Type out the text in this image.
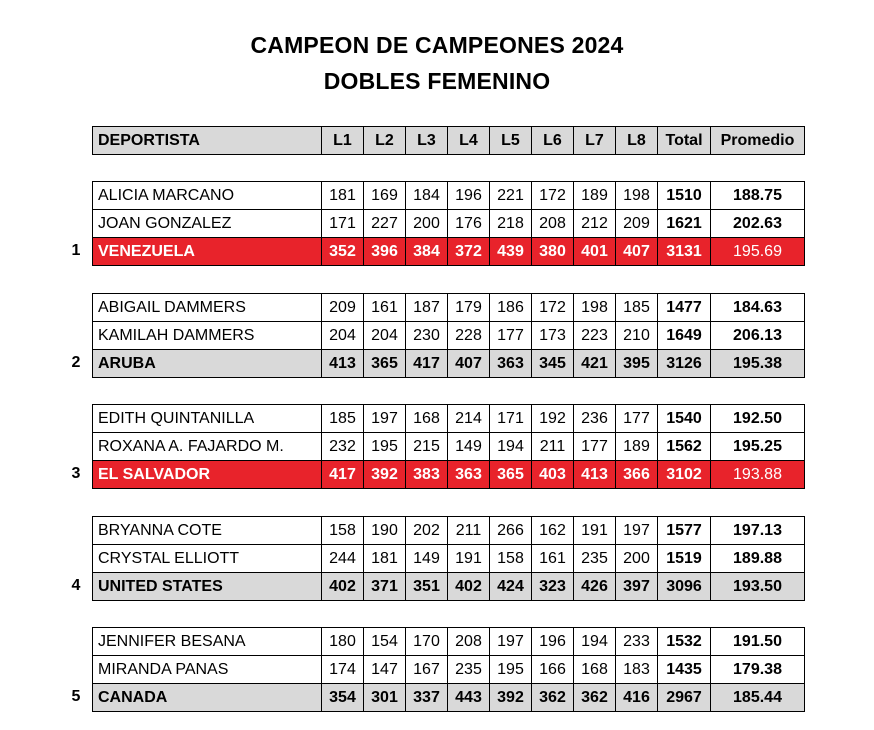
CAMPEON DE CAMPEONES 2024
DOBLES FEMENINO
DEPORTISTA	L1	L2	L3	L4	L5	L6	L7	L8	Total	Promedio
ALICIA MARCANO	181	169	184	196	221	172	189	198	1510	188.75
JOAN GONZALEZ	171	227	200	176	218	208	212	209	1621	202.63
VENEZUELA	352	396	384	372	439	380	401	407	3131	195.69
1
ABIGAIL DAMMERS	209	161	187	179	186	172	198	185	1477	184.63
KAMILAH DAMMERS	204	204	230	228	177	173	223	210	1649	206.13
ARUBA	413	365	417	407	363	345	421	395	3126	195.38
2
EDITH QUINTANILLA	185	197	168	214	171	192	236	177	1540	192.50
ROXANA A. FAJARDO M.	232	195	215	149	194	211	177	189	1562	195.25
EL SALVADOR	417	392	383	363	365	403	413	366	3102	193.88
3
BRYANNA COTE	158	190	202	211	266	162	191	197	1577	197.13
CRYSTAL ELLIOTT	244	181	149	191	158	161	235	200	1519	189.88
UNITED STATES	402	371	351	402	424	323	426	397	3096	193.50
4
JENNIFER BESANA	180	154	170	208	197	196	194	233	1532	191.50
MIRANDA PANAS	174	147	167	235	195	166	168	183	1435	179.38
CANADA	354	301	337	443	392	362	362	416	2967	185.44
5
